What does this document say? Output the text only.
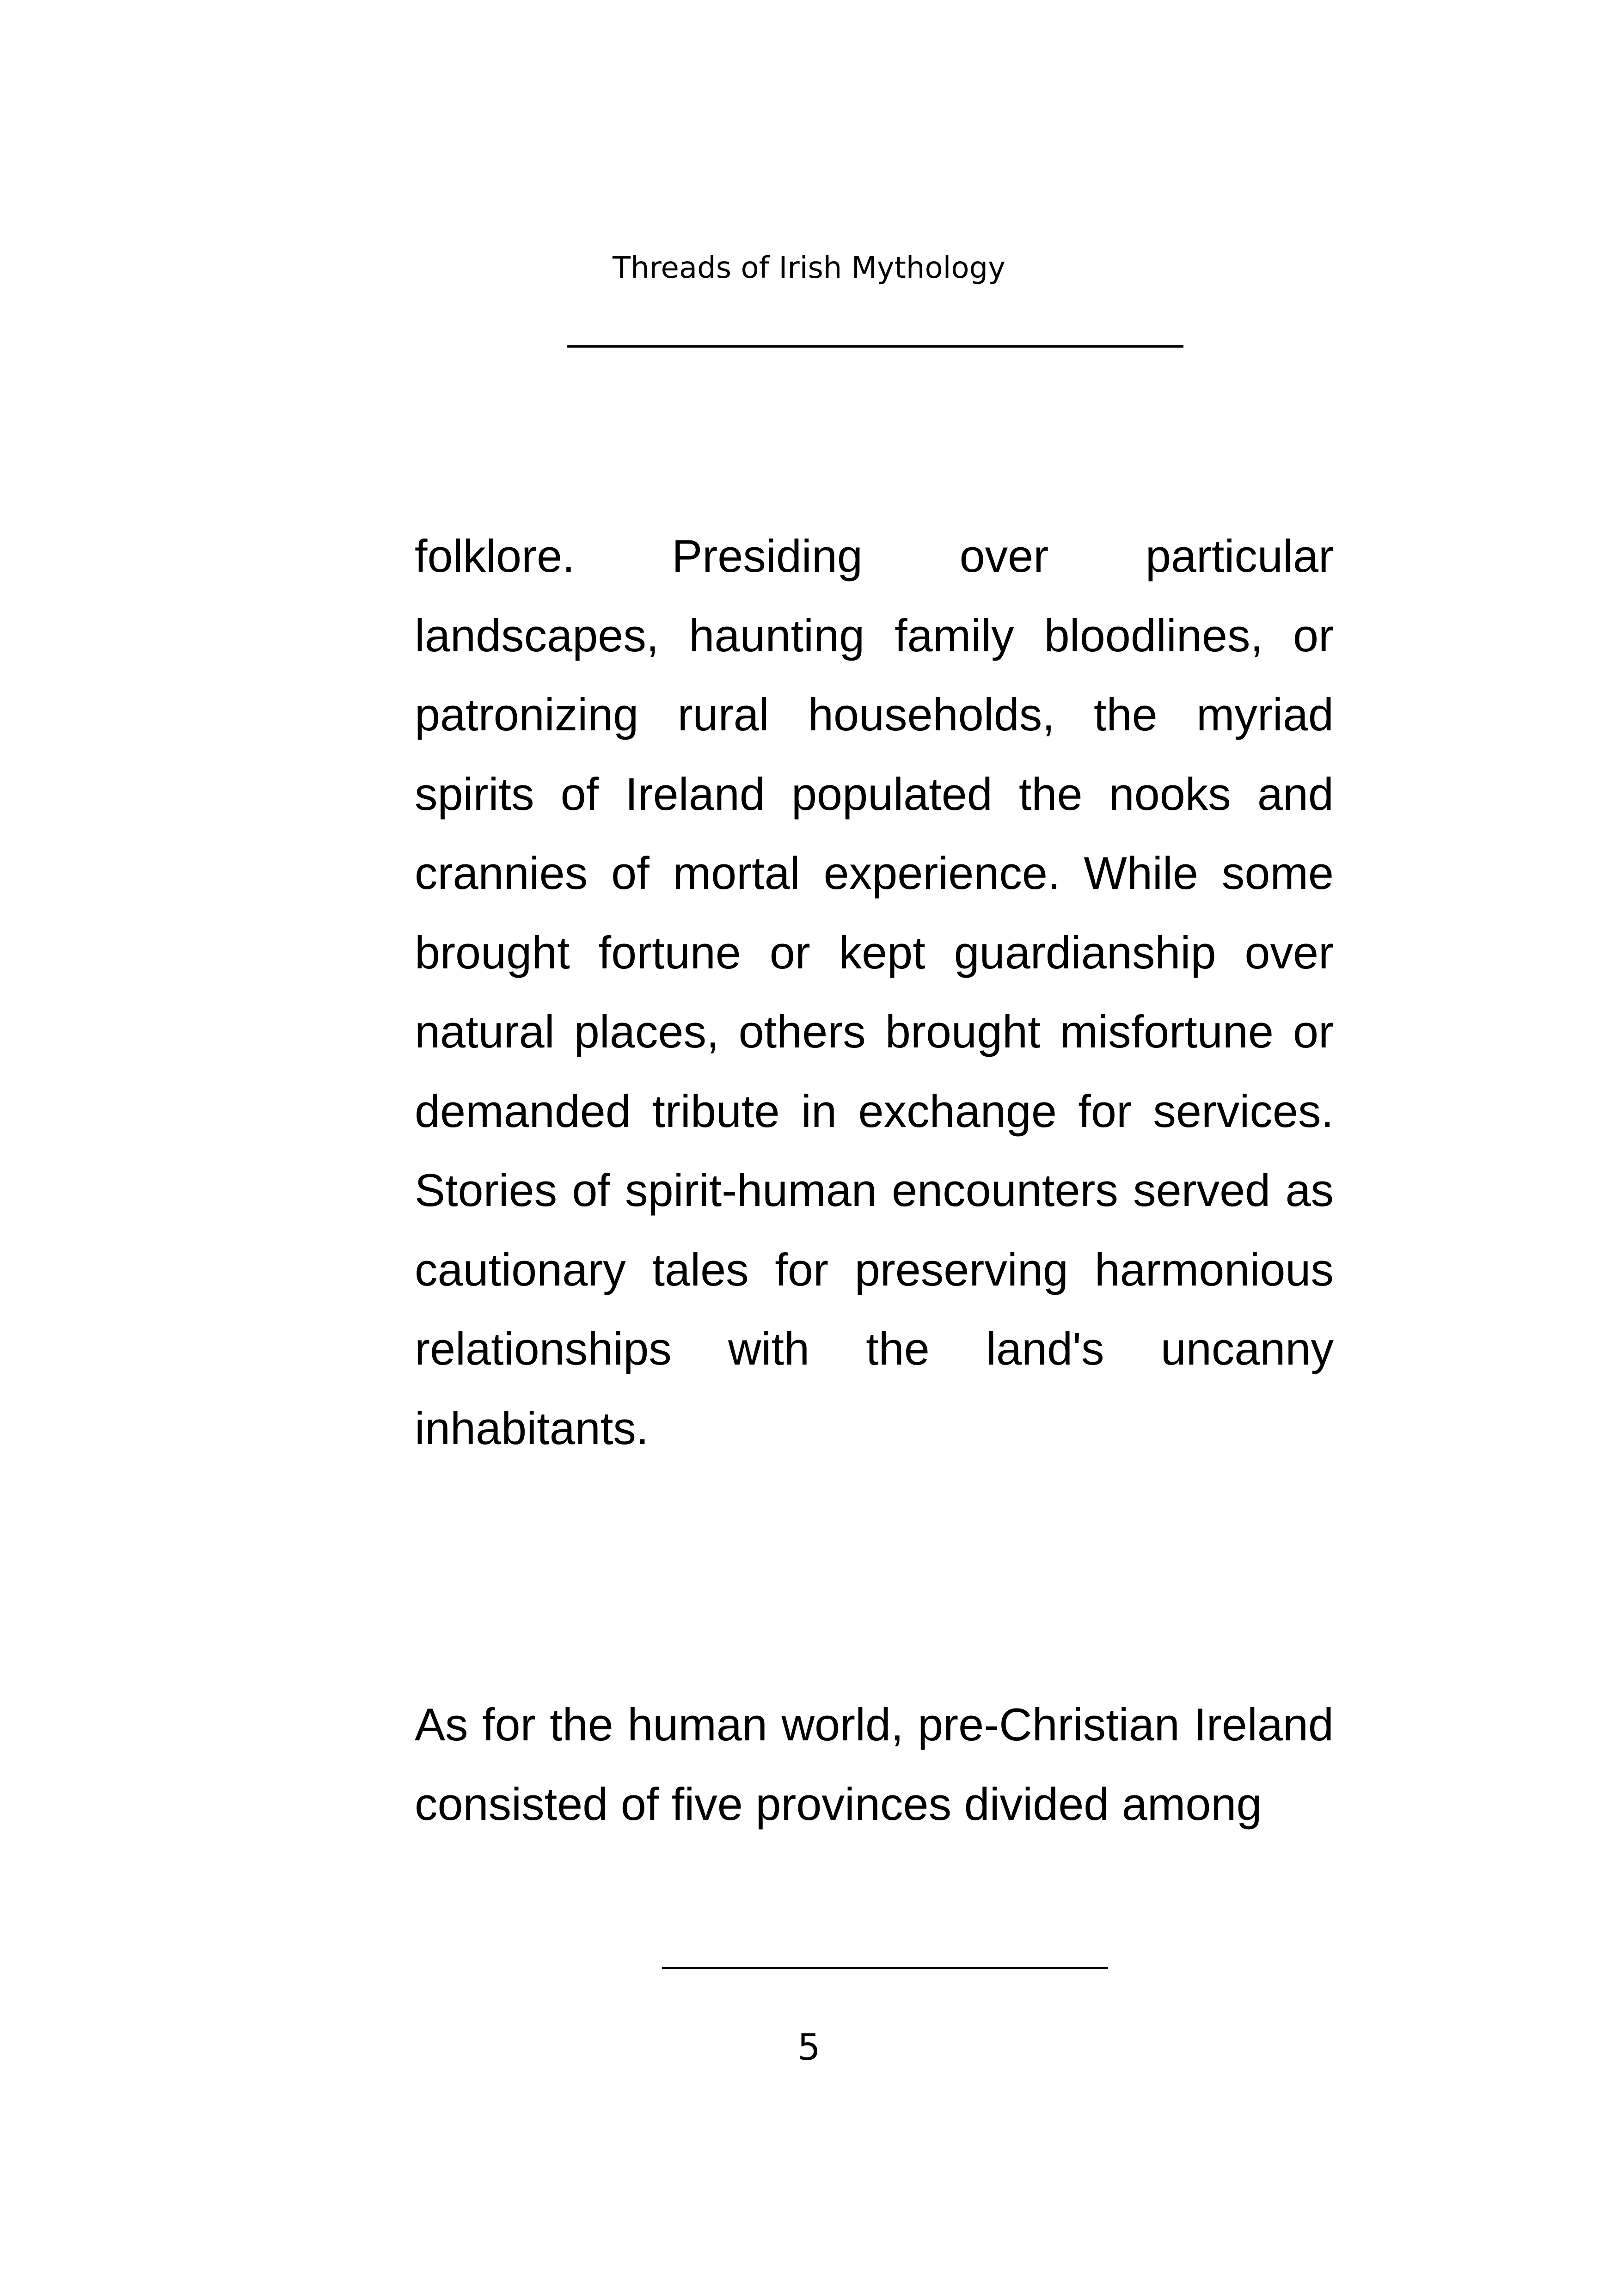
Threads of Irish Mythology

folklore. Presiding over particular landscapes, haunting family bloodlines, or patronizing rural households, the myriad spirits of Ireland populated the nooks and crannies of mortal experience. While some brought fortune or kept guardianship over natural places, others brought misfortune or demanded tribute in exchange for services. Stories of spirit-human encounters served as cautionary tales for preserving harmonious relationships with the land's uncanny inhabitants.

As for the human world, pre-Christian Ireland consisted of five provinces divided among

5
